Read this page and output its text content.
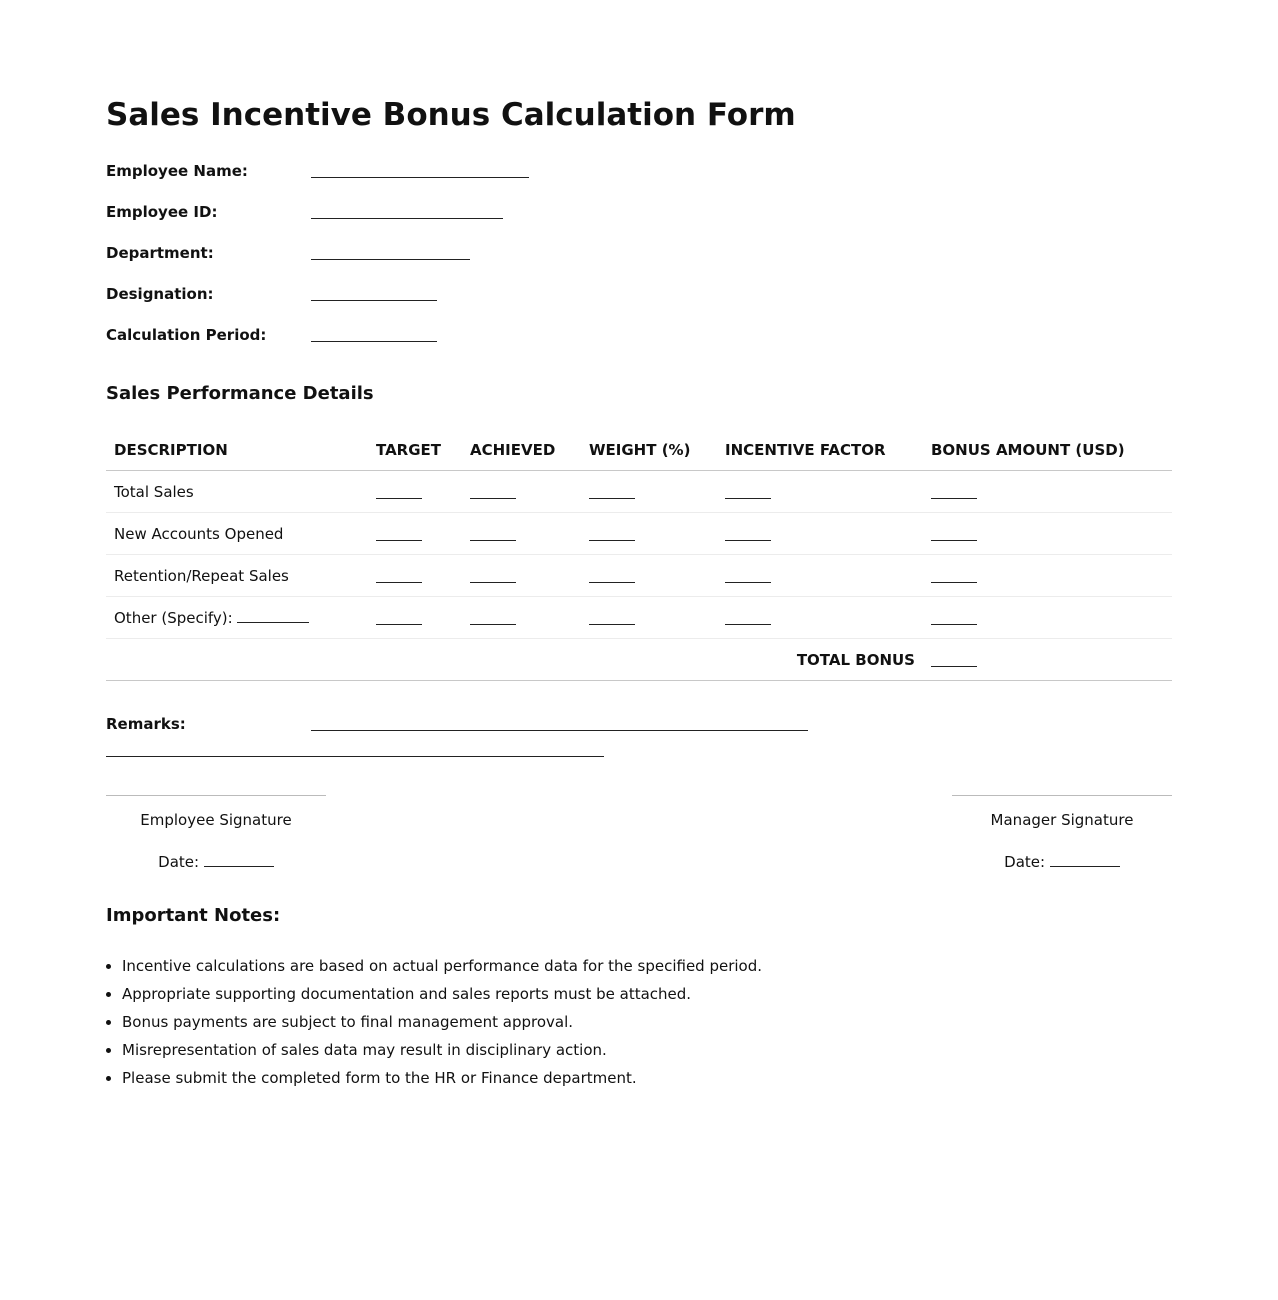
Sales Incentive Bonus Calculation Form
Employee Name:
Employee ID:
Department:
Designation:
Calculation Period:
Sales Performance Details
DESCRIPTION	TARGET	ACHIEVED	WEIGHT (%)	INCENTIVE FACTOR	BONUS AMOUNT (USD)
Total Sales					
New Accounts Opened					
Retention/Repeat Sales					
Other (Specify):					
TOTAL BONUS					
Remarks:
Employee Signature
Date:
Manager Signature
Date:
Important Notes:
• Incentive calculations are based on actual performance data for the specified period.
• Appropriate supporting documentation and sales reports must be attached.
• Bonus payments are subject to final management approval.
• Misrepresentation of sales data may result in disciplinary action.
• Please submit the completed form to the HR or Finance department.
